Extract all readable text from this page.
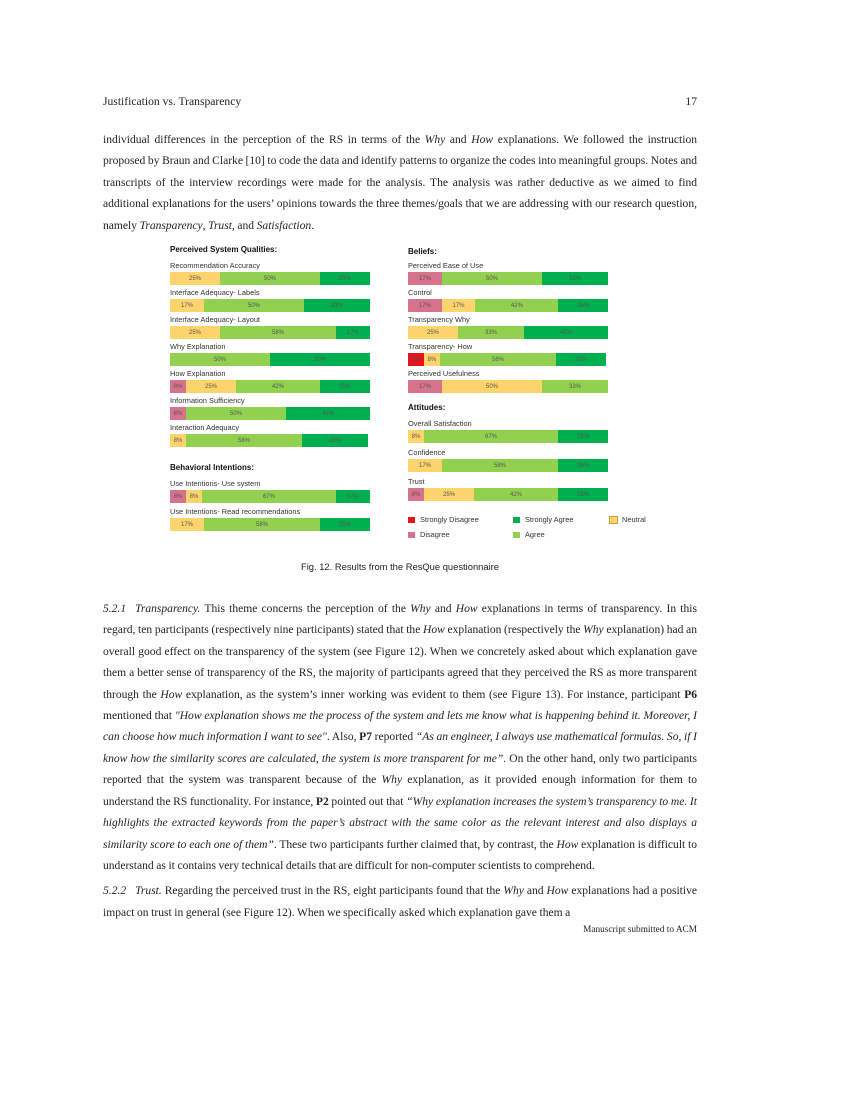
Justification vs. Transparency	17

individual differences in the perception of the RS in terms of the Why and How explanations. We followed the instruction proposed by Braun and Clarke [10] to code the data and identify patterns to organize the codes into meaningful groups. Notes and transcripts of the interview recordings were made for the analysis. The analysis was rather deductive as we aimed to find additional explanations for the users’ opinions towards the three themes/goals that we are addressing with our research question, namely Transparency, Trust, and Satisfaction.

Perceived System Qualities:
Recommendation Accuracy
25%	50%	25%
Interface Adequacy- Labels
17%	50%	33%
Interface Adequacy- Layout
25%	58%	17%
Why Explanation
50%	50%
How Explanation
8%	25%	42%	25%
Information Sufficiency
8%	50%	42%
Interaction Adequacy
8%	58%	33%
Behavioral Intentions:
Use Intentions- Use system
8%	8%	67%	17%
Use Intentions- Read recommendations
17%	58%	25%
Beliefs:
Perceived Ease of Use
17%	50%	33%
Control
17%	17%	42%	25%
Transparency Why
25%	33%	42%
Transparency- How
8%	8%	58%	25%
Perceived Usefulness
17%	50%	33%
Attitudes:
Overall Satisfaction
8%	67%	25%
Confidence
17%	58%	25%
Trust
8%	25%	42%	25%
Strongly Disagree	Strongly Agree	Neutral
Disagree	Agree
Fig. 12. Results from the ResQue questionnaire

5.2.1 Transparency. This theme concerns the perception of the Why and How explanations in terms of transparency. In this regard, ten participants (respectively nine participants) stated that the How explanation (respectively the Why explanation) had an overall good effect on the transparency of the system (see Figure 12). When we concretely asked about which explanation gave them a better sense of transparency of the RS, the majority of participants agreed that they perceived the RS as more transparent through the How explanation, as the system’s inner working was evident to them (see Figure 13). For instance, participant P6 mentioned that "How explanation shows me the process of the system and lets me know what is happening behind it. Moreover, I can choose how much information I want to see". Also, P7 reported “As an engineer, I always use mathematical formulas. So, if I know how the similarity scores are calculated, the system is more transparent for me”. On the other hand, only two participants reported that the system was transparent because of the Why explanation, as it provided enough information for them to understand the RS functionality. For instance, P2 pointed out that “Why explanation increases the system’s transparency to me. It highlights the extracted keywords from the paper’s abstract with the same color as the relevant interest and also displays a similarity score to each one of them”. These two participants further claimed that, by contrast, the How explanation is difficult to understand as it contains very technical details that are difficult for non-computer scientists to comprehend.

5.2.2 Trust. Regarding the perceived trust in the RS, eight participants found that the Why and How explanations had a positive impact on trust in general (see Figure 12). When we specifically asked which explanation gave them a

Manuscript submitted to ACM
